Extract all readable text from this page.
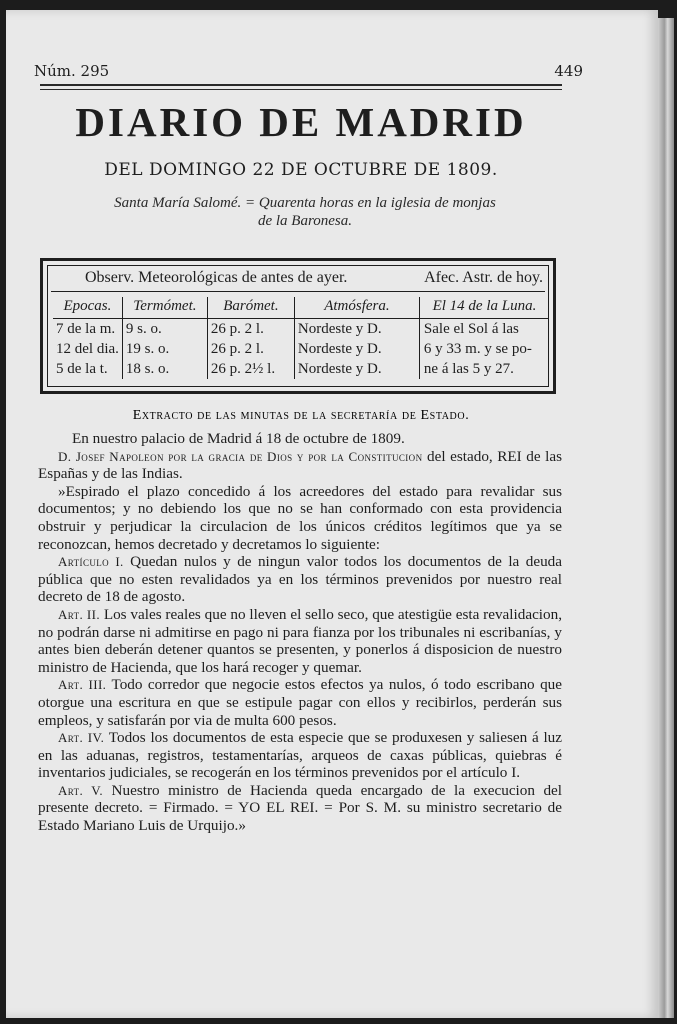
Núm. 295	449
DIARIO DE MADRID
DEL DOMINGO 22 DE OCTUBRE DE 1809.
Santa María Salomé. = Quarenta horas en la iglesia de monjas
de la Baronesa.
Observ. Meteorológicas de antes de ayer.	Afec. Astr. de hoy.
Epocas.	Termómet.	Barómet.	Atmósfera.	El 14 de la Luna.
7 de la m.	9 s. o.	26 p. 2 l.	Nordeste y D.	Sale el Sol á las
12 del dia.	19 s. o.	26 p. 2 l.	Nordeste y D.	6 y 33 m. y se po-
5 de la t.	18 s. o.	26 p. 2½ l.	Nordeste y D.	ne á las 5 y 27.
Extracto de las minutas de la secretaría de Estado.

En nuestro palacio de Madrid á 18 de octubre de 1809.

D. Josef Napoleon por la gracia de Dios y por la Constitucion del estado, REI de las Españas y de las Indias.

»Espirado el plazo concedido á los acreedores del estado para revalidar sus documentos; y no debiendo los que no se han conformado con esta providencia obstruir y perjudicar la circulacion de los únicos créditos legítimos que ya se reconozcan, hemos decretado y decretamos lo siguiente:

Artículo I. Quedan nulos y de ningun valor todos los documentos de la deuda pública que no esten revalidados ya en los términos prevenidos por nuestro real decreto de 18 de agosto.

Art. II. Los vales reales que no lleven el sello seco, que atestigüe esta revalidacion, no podrán darse ni admitirse en pago ni para fianza por los tribunales ni escribanías, y antes bien deberán detener quantos se presenten, y ponerlos á disposicion de nuestro ministro de Hacienda, que los hará recoger y quemar.

Art. III. Todo corredor que negocie estos efectos ya nulos, ó todo escribano que otorgue una escritura en que se estipule pagar con ellos y recibirlos, perderán sus empleos, y satisfarán por via de multa 600 pesos.

Art. IV. Todos los documentos de esta especie que se produxesen y saliesen á luz en las aduanas, registros, testamentarías, arqueos de caxas públicas, quiebras é inventarios judiciales, se recogerán en los términos prevenidos por el artículo I.

Art. V. Nuestro ministro de Hacienda queda encargado de la execucion del presente decreto. = Firmado. = YO EL REI. = Por S. M. su ministro secretario de Estado Mariano Luis de Urquijo.»
